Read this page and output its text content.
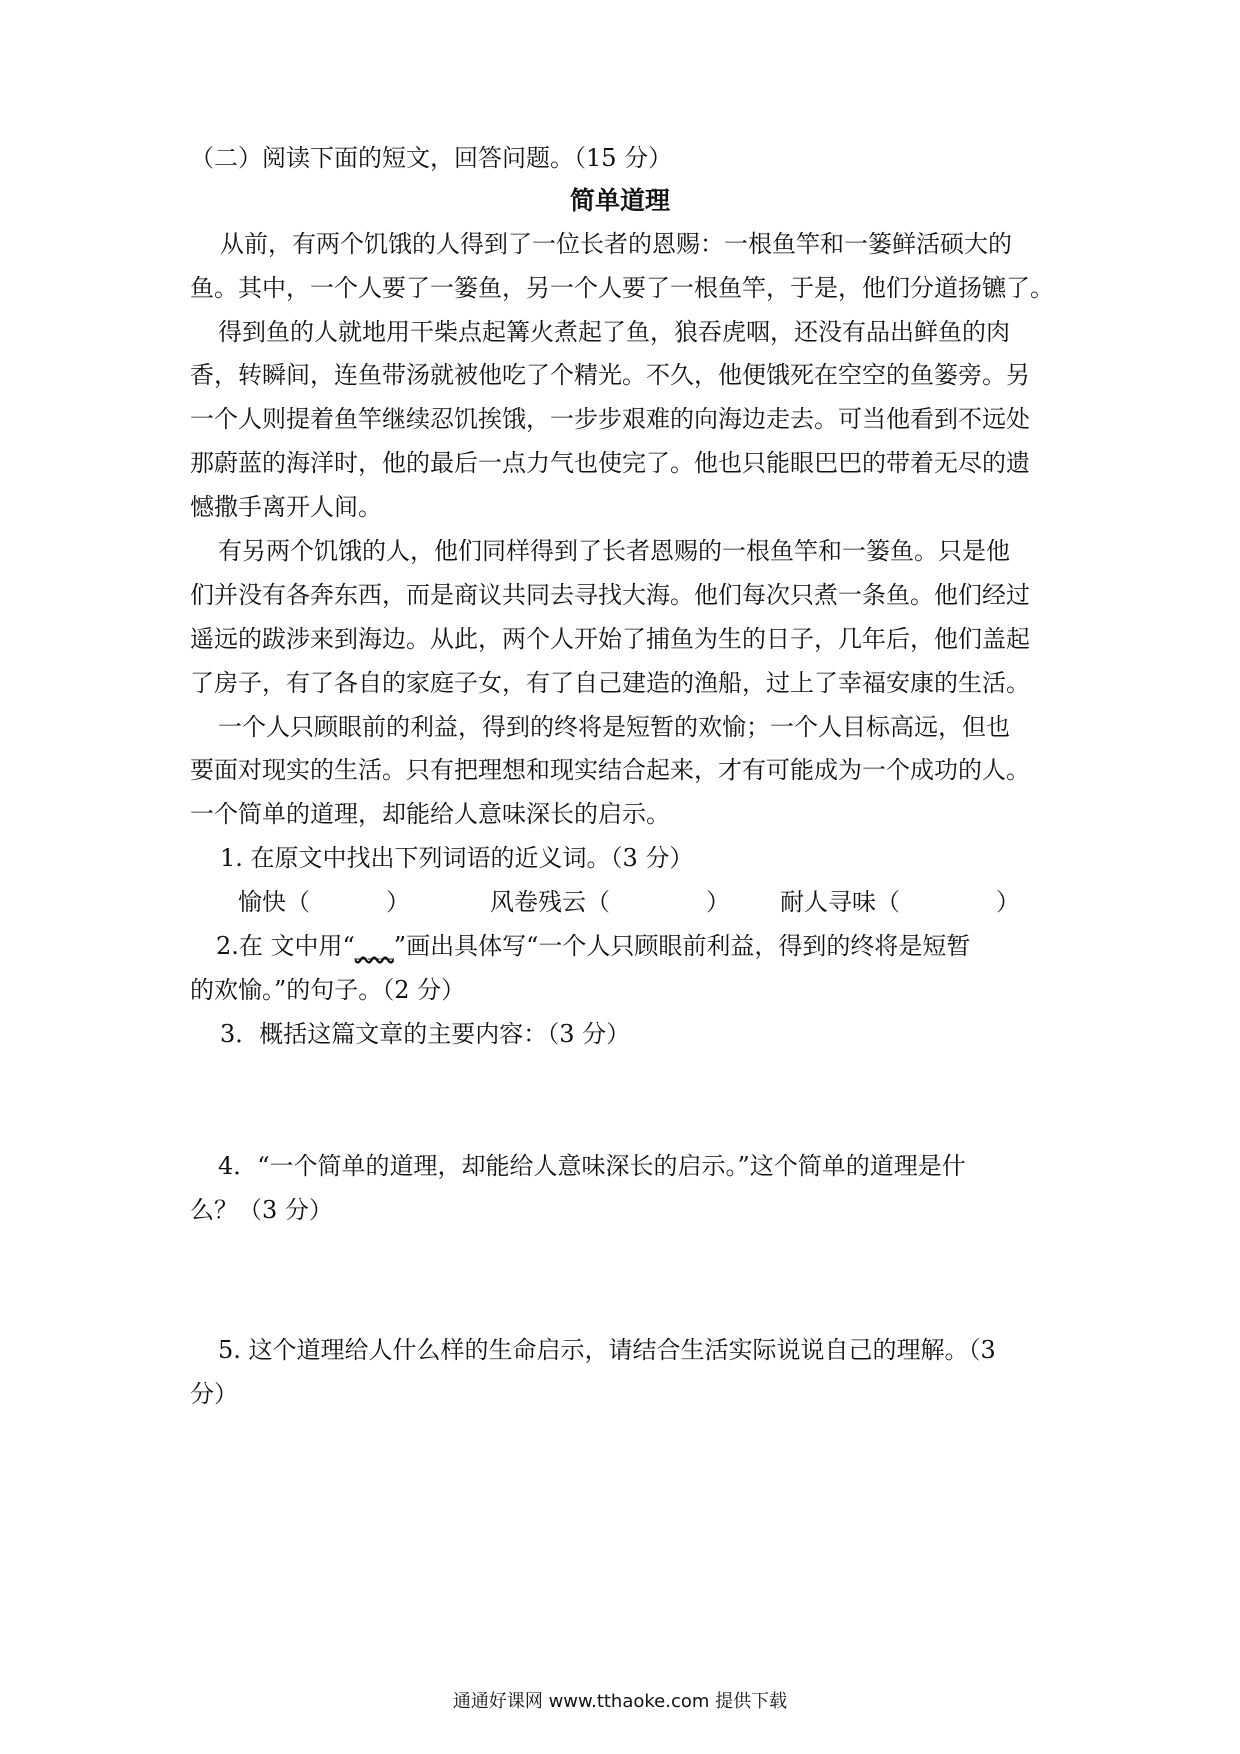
（二）阅读下面的短文，回答问题。（15 分）
简单道理
从前，有两个饥饿的人得到了一位长者的恩赐：一根鱼竿和一篓鲜活硕大的
鱼。其中，一个人要了一篓鱼，另一个人要了一根鱼竿，于是，他们分道扬镳了。
得到鱼的人就地用干柴点起篝火煮起了鱼，狼吞虎咽，还没有品出鲜鱼的肉
香，转瞬间，连鱼带汤就被他吃了个精光。不久，他便饿死在空空的鱼篓旁。另
一个人则提着鱼竿继续忍饥挨饿，一步步艰难的向海边走去。可当他看到不远处
那蔚蓝的海洋时，他的最后一点力气也使完了。他也只能眼巴巴的带着无尽的遗
憾撒手离开人间。
有另两个饥饿的人，他们同样得到了长者恩赐的一根鱼竿和一篓鱼。只是他
们并没有各奔东西，而是商议共同去寻找大海。他们每次只煮一条鱼。他们经过
遥远的跋涉来到海边。从此，两个人开始了捕鱼为生的日子，几年后，他们盖起
了房子，有了各自的家庭子女，有了自己建造的渔船，过上了幸福安康的生活。
一个人只顾眼前的利益，得到的终将是短暂的欢愉；一个人目标高远，但也
要面对现实的生活。只有把理想和现实结合起来，才有可能成为一个成功的人。
一个简单的道理，却能给人意味深长的启示。
1. 在原文中找出下列词语的近义词。（3 分）
愉快（	）	风卷残云（	） 耐人寻味（	）
2.在 文中用“___”画出具体写“一个人只顾眼前利益，得到的终将是短暂
的欢愉。”的句子。（2 分）
3．概括这篇文章的主要内容：（3 分）
4．“一个简单的道理，却能给人意味深长的启示。”这个简单的道理是什
么？（3 分）
5. 这个道理给人什么样的生命启示，请结合生活实际说说自己的理解。（3
分）
通通好课网 www.tthaoke.com 提供下载
